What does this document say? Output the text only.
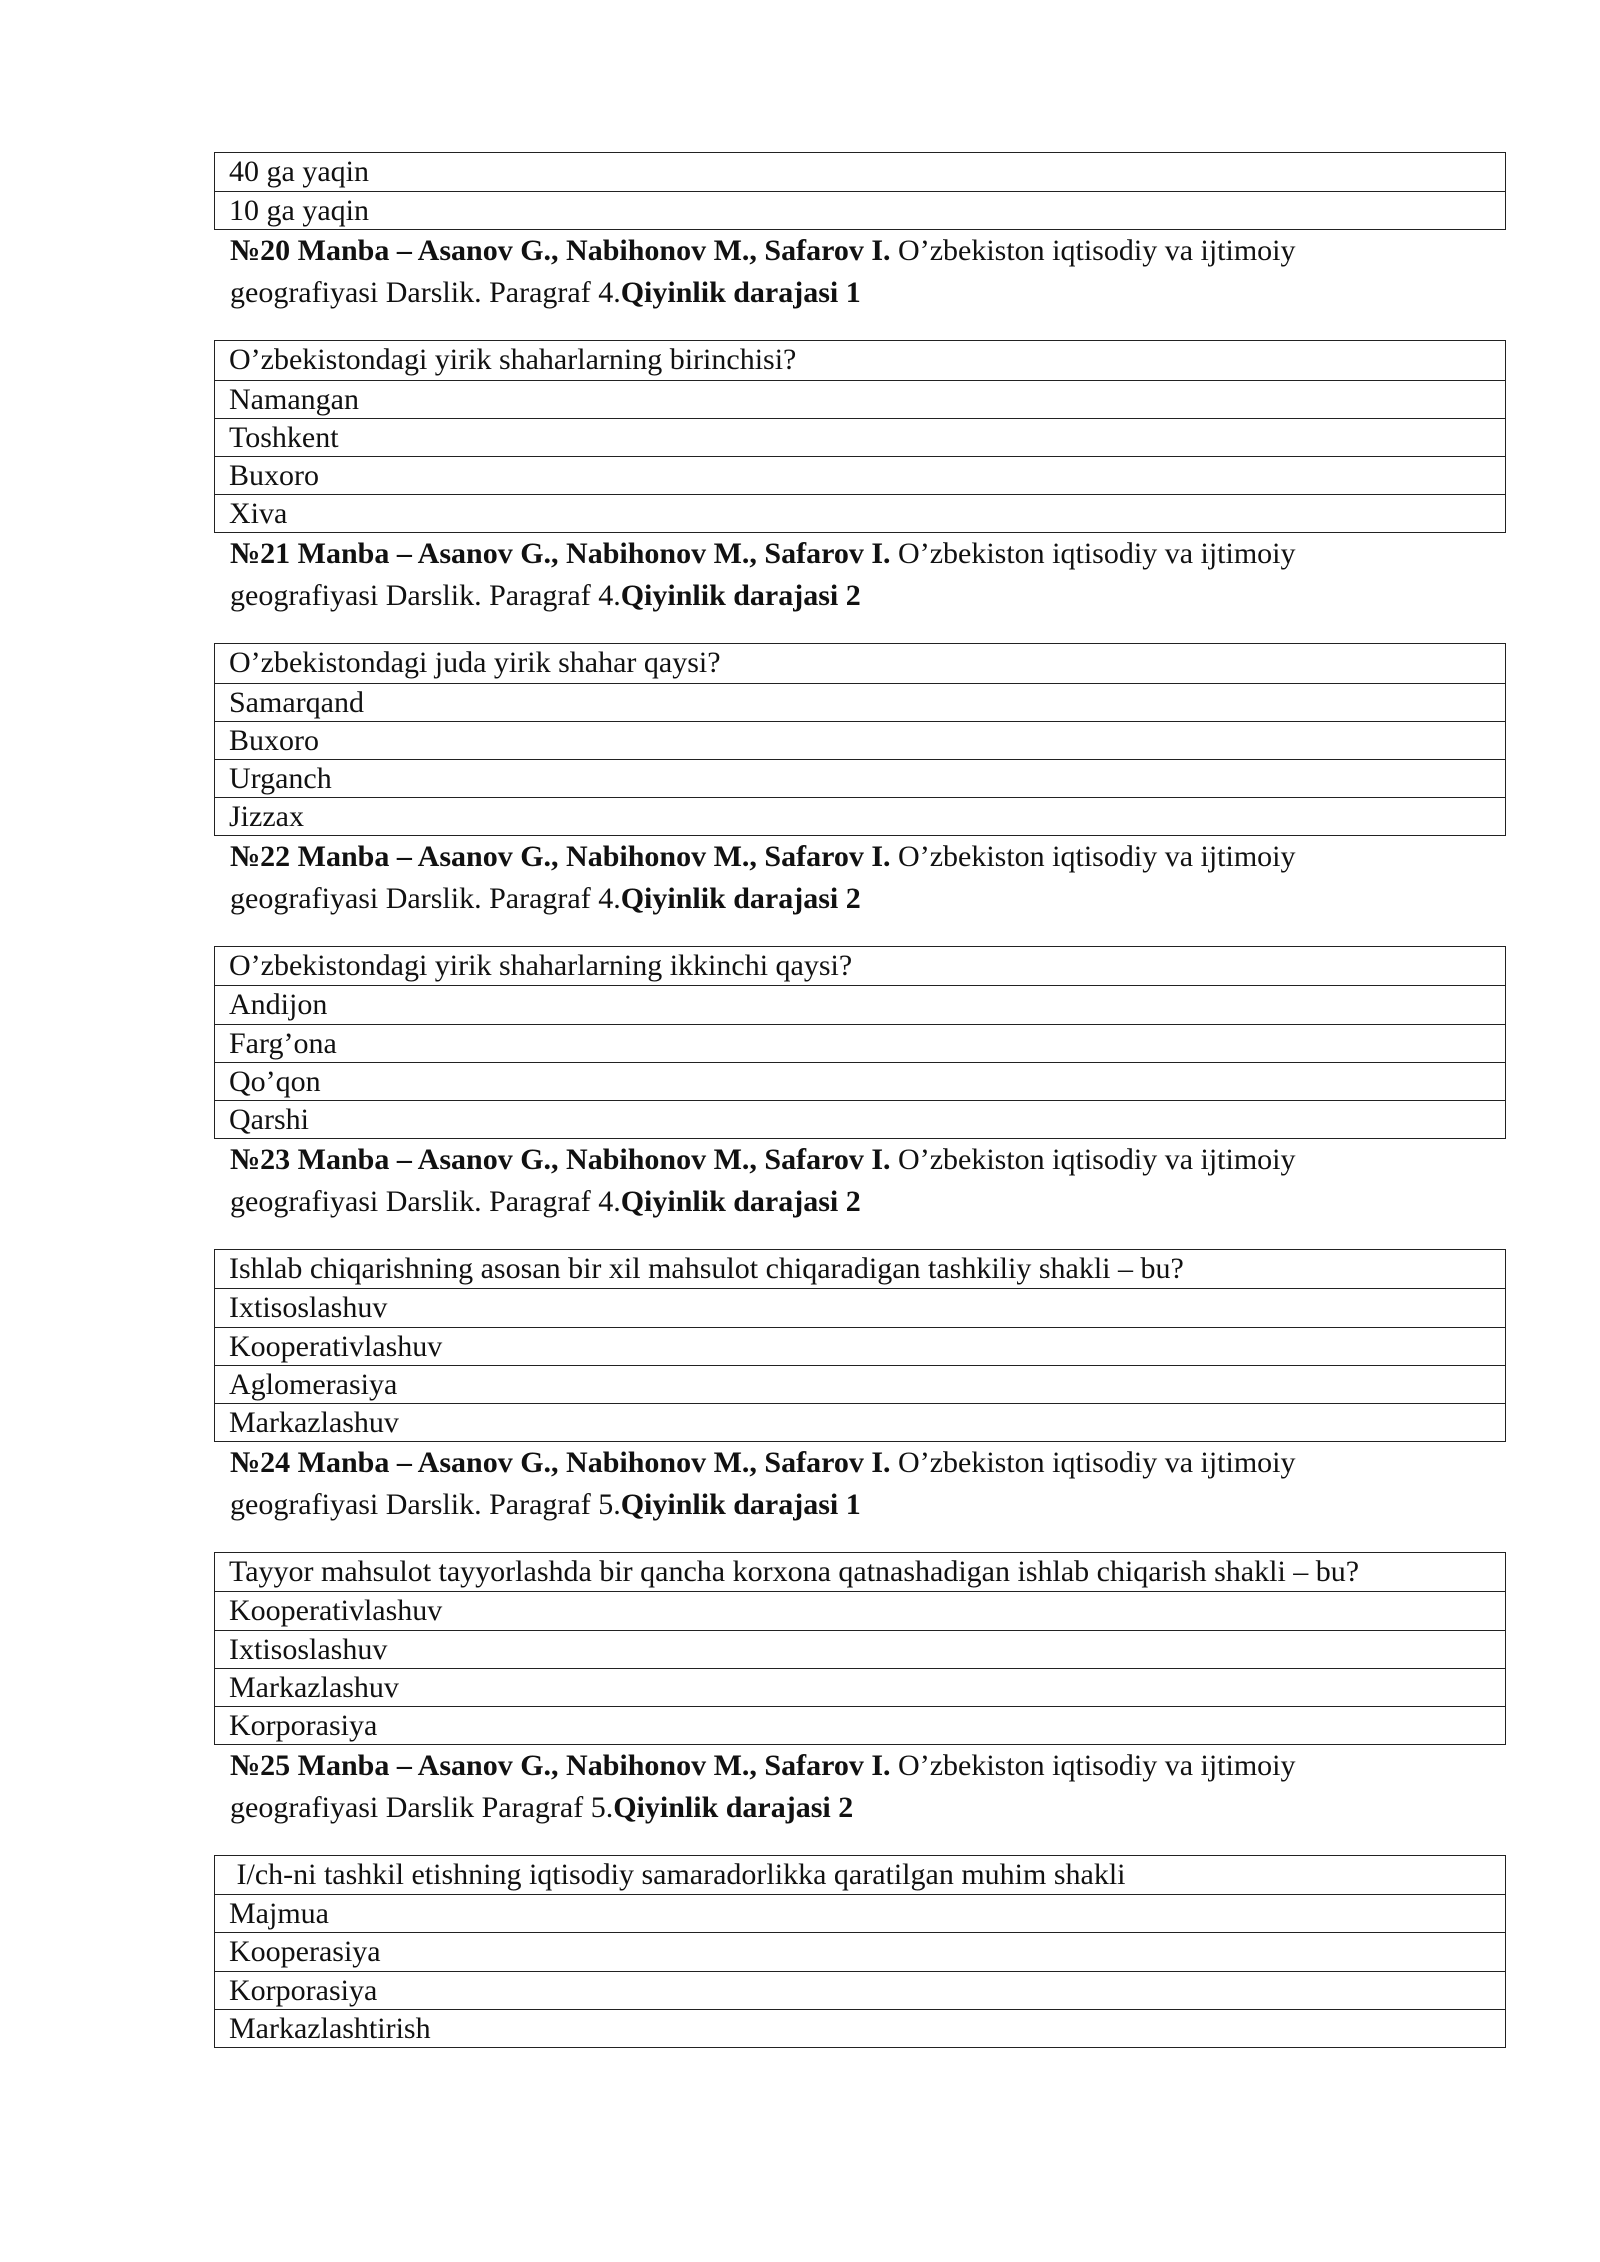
40 ga yaqin
10 ga yaqin

№20 Manba – Asanov G., Nabihonov M., Safarov I. O’zbekiston iqtisodiy va ijtimoiy
geografiyasi Darslik. Paragraf 4.Qiyinlik darajasi 1

O’zbekistondagi yirik shaharlarning birinchisi?
Namangan
Toshkent
Buxoro
Xiva

№21 Manba – Asanov G., Nabihonov M., Safarov I. O’zbekiston iqtisodiy va ijtimoiy
geografiyasi Darslik. Paragraf 4.Qiyinlik darajasi 2

O’zbekistondagi juda yirik shahar qaysi?
Samarqand
Buxoro
Urganch
Jizzax

№22 Manba – Asanov G., Nabihonov M., Safarov I. O’zbekiston iqtisodiy va ijtimoiy
geografiyasi Darslik. Paragraf 4.Qiyinlik darajasi 2

O’zbekistondagi yirik shaharlarning ikkinchi qaysi?
Andijon
Farg’ona
Qo’qon
Qarshi

№23 Manba – Asanov G., Nabihonov M., Safarov I. O’zbekiston iqtisodiy va ijtimoiy
geografiyasi Darslik. Paragraf 4.Qiyinlik darajasi 2

Ishlab chiqarishning asosan bir xil mahsulot chiqaradigan tashkiliy shakli – bu?
Ixtisoslashuv
Kooperativlashuv
Aglomerasiya
Markazlashuv

№24 Manba – Asanov G., Nabihonov M., Safarov I. O’zbekiston iqtisodiy va ijtimoiy
geografiyasi Darslik. Paragraf 5.Qiyinlik darajasi 1

Tayyor mahsulot tayyorlashda bir qancha korxona qatnashadigan ishlab chiqarish shakli – bu?
Kooperativlashuv
Ixtisoslashuv
Markazlashuv
Korporasiya

№25 Manba – Asanov G., Nabihonov M., Safarov I. O’zbekiston iqtisodiy va ijtimoiy
geografiyasi Darslik Paragraf 5.Qiyinlik darajasi 2

I/ch-ni tashkil etishning iqtisodiy samaradorlikka qaratilgan muhim shakli
Majmua
Kooperasiya
Korporasiya
Markazlashtirish
